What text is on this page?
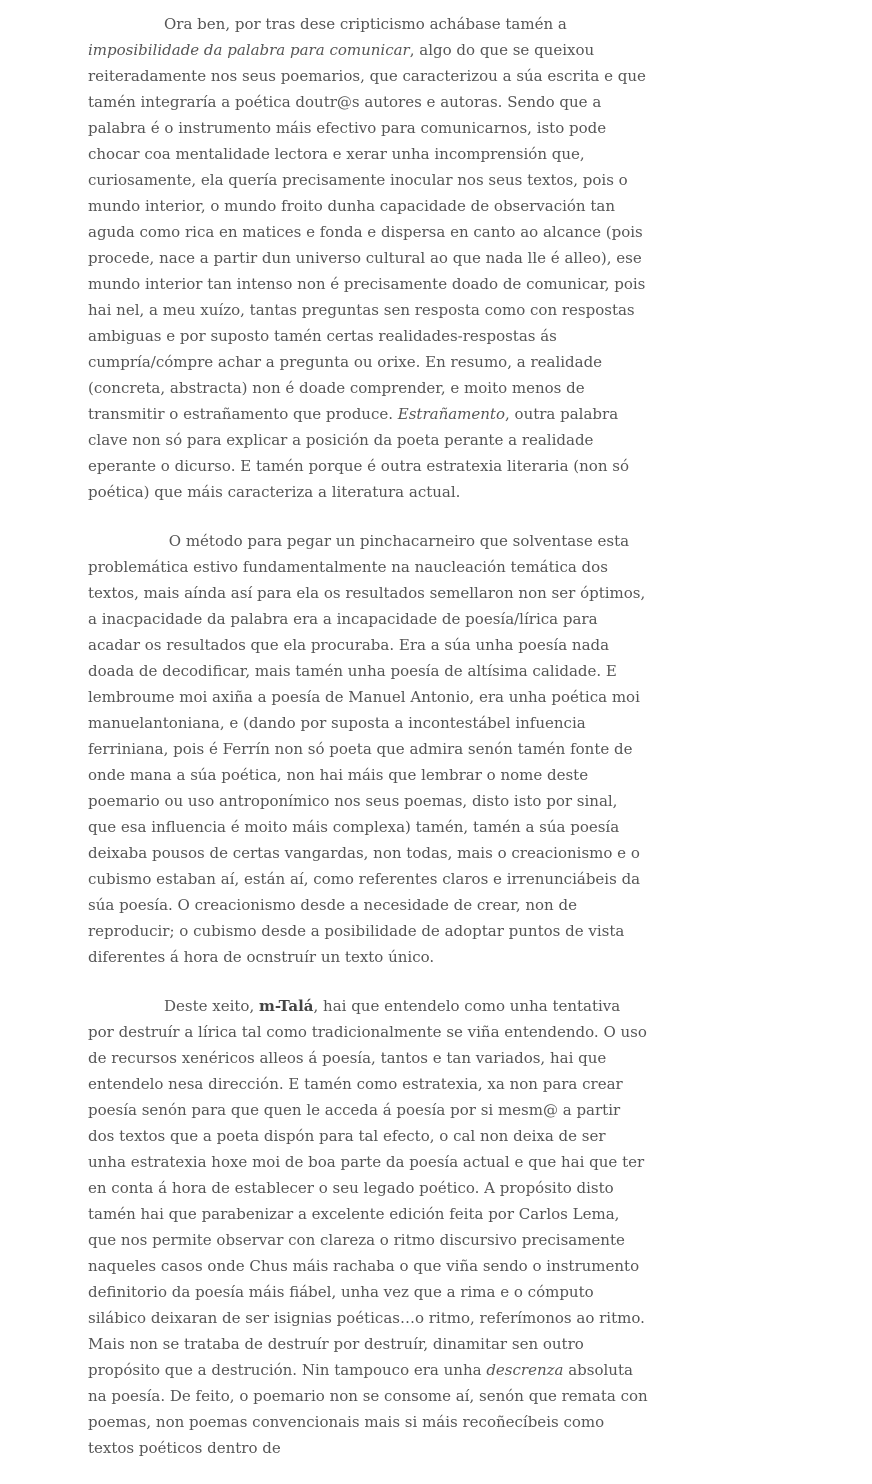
Ora ben, por tras dese cripticismo achábase tamén a imposibilidade da palabra para comunicar, algo do que se queixou reiteradamente nos seus poemarios, que caracterizou a súa escrita e que tamén integraría a poética doutr@s autores e autoras. Sendo que a palabra é o instrumento máis efectivo para comunicarnos, isto pode chocar coa mentalidade lectora e xerar unha incomprensión que, curiosamente, ela quería precisamente inocular nos seus textos, pois o mundo interior, o mundo froito dunha capacidade de observación tan aguda como rica en matices e fonda e dispersa en canto ao alcance (pois procede, nace a partir dun universo cultural ao que nada lle é alleo), ese mundo interior tan intenso non é precisamente doado de comunicar, pois hai nel, a meu xuízo, tantas preguntas sen resposta como con respostas ambiguas e por suposto tamén certas realidades-respostas ás cumpría/cómpre achar a pregunta ou orixe. En resumo, a realidade (concreta, abstracta) non é doade comprender, e moito menos de transmitir o estrañamento que produce. Estrañamento, outra palabra clave non só para explicar a posición da poeta perante a realidade eperante o dicurso. E tamén porque é outra estratexia literaria (non só poética) que máis caracteriza a literatura actual.

O método para pegar un pinchacarneiro que solventase esta problemática estivo fundamentalmente na naucleación temática dos textos, mais aínda así para ela os resultados semellaron non ser óptimos, a inacpacidade da palabra era a incapacidade de poesía/lírica para acadar os resultados que ela procuraba. Era a súa unha poesía nada doada de decodificar, mais tamén unha poesía de altísima calidade. E lembroume moi axiña a poesía de Manuel Antonio, era unha poética moi manuelantoniana, e (dando por suposta a incontestábel infuencia ferriniana, pois é Ferrín non só poeta que admira senón tamén fonte de onde mana a súa poética, non hai máis que lembrar o nome deste poemario ou uso antroponímico nos seus poemas, disto isto por sinal, que esa influencia é moito máis complexa) tamén, tamén a súa poesía deixaba pousos de certas vangardas, non todas, mais o creacionismo e o cubismo estaban aí, están aí, como referentes claros e irrenunciábeis da súa poesía. O creacionismo desde a necesidade de crear, non de reproducir; o cubismo desde a posibilidade de adoptar puntos de vista diferentes á hora de ocnstruír un texto único.

Deste xeito, m-Talá, hai que entendelo como unha tentativa por destruír a lírica tal como tradicionalmente se viña entendendo. O uso de recursos xenéricos alleos á poesía, tantos e tan variados, hai que entendelo nesa dirección. E tamén como estratexia, xa non para crear poesía senón para que quen le acceda á poesía por si mesm@ a partir dos textos que a poeta dispón para tal efecto, o cal non deixa de ser unha estratexia hoxe moi de boa parte da poesía actual e que hai que ter en conta á hora de establecer o seu legado poético. A propósito disto tamén hai que parabenizar a excelente edición feita por Carlos Lema, que nos permite observar con clareza o ritmo discursivo precisamente naqueles casos onde Chus máis rachaba o que viña sendo o instrumento definitorio da poesía máis fiábel, unha vez que a rima e o cómputo silábico deixaran de ser isignias poéticas…o ritmo, referímonos ao ritmo. Mais non se trataba de destruír por destruír, dinamitar sen outro propósito que a destrución. Nin tampouco era unha descrenza absoluta na poesía. De feito, o poemario non se consome aí, senón que remata con poemas, non poemas convencionais mais si máis recoñecíbeis como textos poéticos dentro de
